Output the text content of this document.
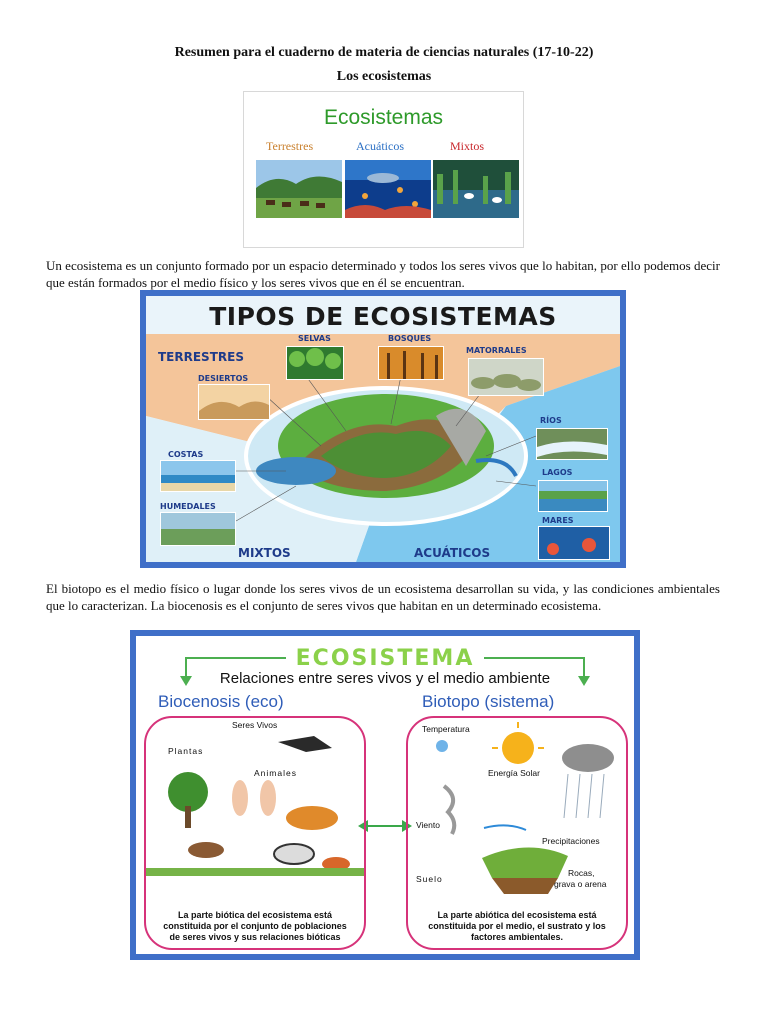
Resumen para el cuaderno de materia de ciencias naturales (17-10-22)
Los ecosistemas
Ecosistemas
Terrestres	Acuáticos	Mixtos
Un ecosistema es un conjunto formado por un espacio determinado y todos los seres vivos que lo habitan, por ello podemos decir que están formados por el medio físico y los seres vivos que en él se encuentran.
TIPOS DE ECOSISTEMAS
TERRESTRES
MIXTOS	ACUÁTICOS
SELVAS	BOSQUES
MATORRALES
DESIERTOS
RÍOS
LAGOS
MARES
COSTAS
HUMEDALES
El biotopo es el medio físico o lugar donde los seres vivos de un ecosistema desarrollan su vida, y las condiciones ambientales que lo caracterizan. La biocenosis es el conjunto de seres vivos que habitan en un determinado ecosistema.
ECOSISTEMA
Relaciones entre seres vivos y el medio ambiente
Biocenosis (eco)	Biotopo (sistema)
Seres Vivos
Plantas
Animales
La parte biótica del ecosistema está
constituida por el conjunto de poblaciones
de seres vivos y sus relaciones bióticas
Temperatura
Energía Solar
Viento
Precipitaciones
Suelo
Rocas,
grava o arena
La parte abiótica del ecosistema está
constituida por el medio, el sustrato y los
factores ambientales.
